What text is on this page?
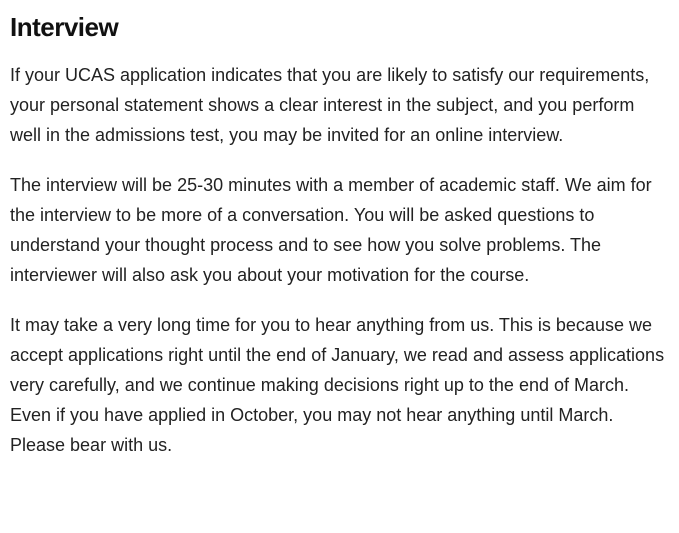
Interview

If your UCAS application indicates that you are likely to satisfy our requirements, your personal statement shows a clear interest in the subject, and you perform well in the admissions test, you may be invited for an online interview.

The interview will be 25-30 minutes with a member of academic staff. We aim for the interview to be more of a conversation. You will be asked questions to understand your thought process and to see how you solve problems. The interviewer will also ask you about your motivation for the course.

It may take a very long time for you to hear anything from us. This is because we accept applications right until the end of January, we read and assess applications very carefully, and we continue making decisions right up to the end of March. Even if you have applied in October, you may not hear anything until March. Please bear with us.
